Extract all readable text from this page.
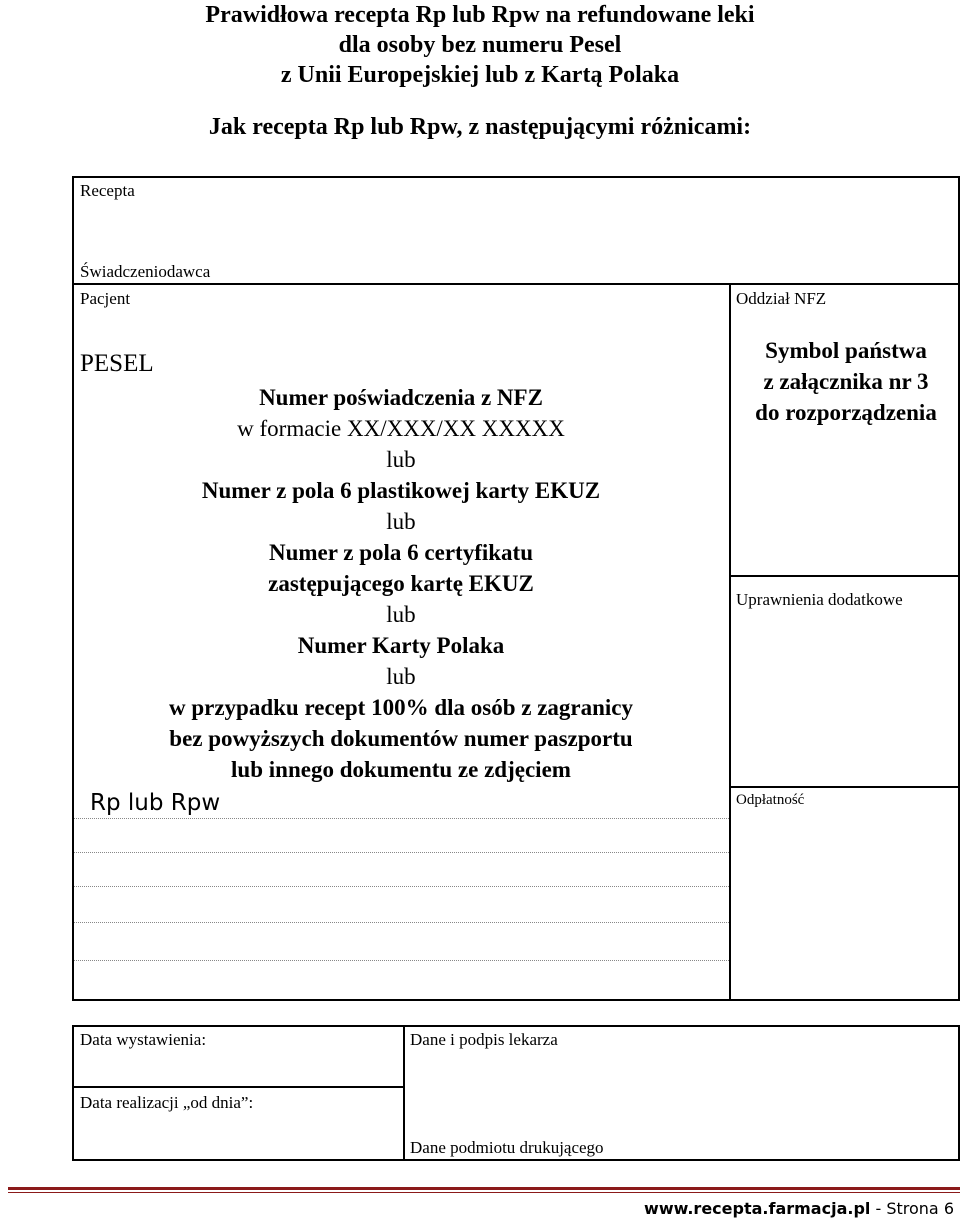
Prawidłowa recepta Rp lub Rpw na refundowane leki
dla osoby bez numeru Pesel
z Unii Europejskiej lub z Kartą Polaka
Jak recepta Rp lub Rpw, z następującymi różnicami:
Recepta
Świadczeniodawca
Pacjent	Oddział NFZ
PESEL
Numer poświadczenia z NFZ
w formacie XX/XXX/XX XXXXX
lub
Numer z pola 6 plastikowej karty EKUZ
lub
Numer z pola 6 certyfikatu
zastępującego kartę EKUZ
lub
Numer Karty Polaka
lub
w przypadku recept 100% dla osób z zagranicy
bez powyższych dokumentów numer paszportu
lub innego dokumentu ze zdjęciem
Symbol państwa
z załącznika nr 3
do rozporządzenia
Uprawnienia dodatkowe
Odpłatność
Rp lub Rpw
Data wystawienia:	Dane i podpis lekarza
Data realizacji „od dnia”:
Dane podmiotu drukującego
www.recepta.farmacja.pl - Strona 6
